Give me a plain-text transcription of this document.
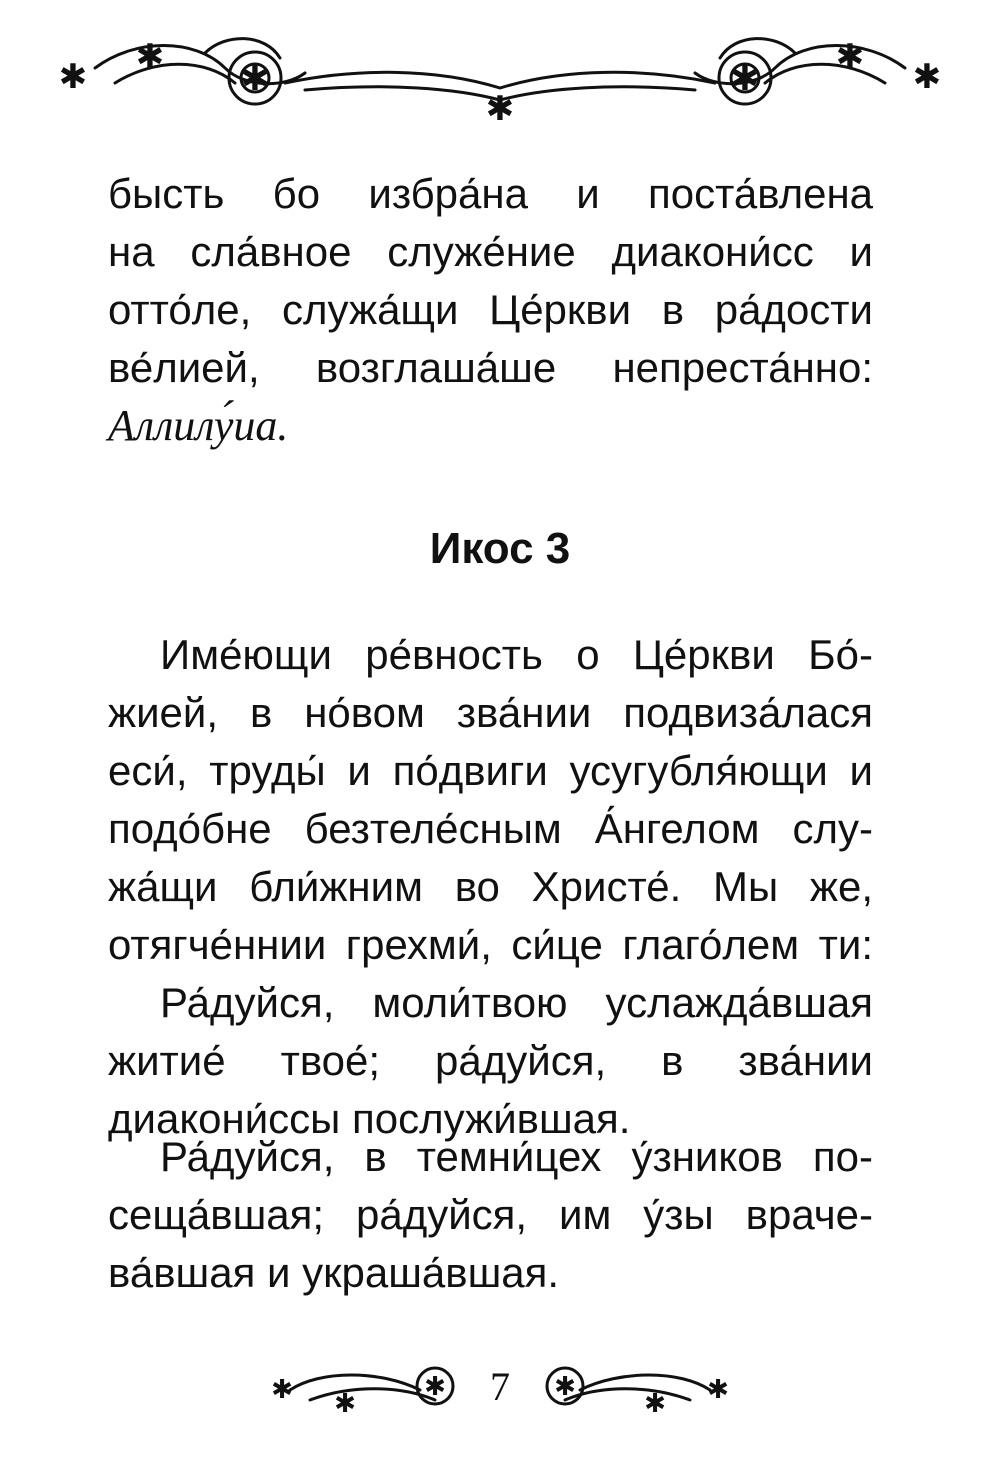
✱ ✱
✱
✱
✱
✱ ✱
бысть бо избра́на и поста́влена
на сла́вное служе́ние диакони́сс и
отто́ле, служа́щи Це́ркви в ра́дости
ве́лией, возглаша́ше непреста́нно:
Аллилу́иа.
Икос 3
Име́ющи ре́вность о Це́ркви Бо́-
жией, в но́вом зва́нии подвиза́лася
еси́, труды́ и по́двиги усугубля́ющи и
подо́бне безтеле́сным А́нгелом слу-
жа́щи бли́жним во Христе́. Мы же,
отягче́ннии грехми́, си́це глаго́лем ти:
Ра́дуйся, моли́твою услажда́вшая
житие́ твое́; ра́дуйся, в зва́нии
диакони́ссы послужи́вшая.
Ра́дуйся, в темни́цех у́зников по-
сеща́вшая; ра́дуйся, им у́зы враче-
ва́вшая и украша́вшая.
✱ ✱
✱	✱
✱ ✱
7
